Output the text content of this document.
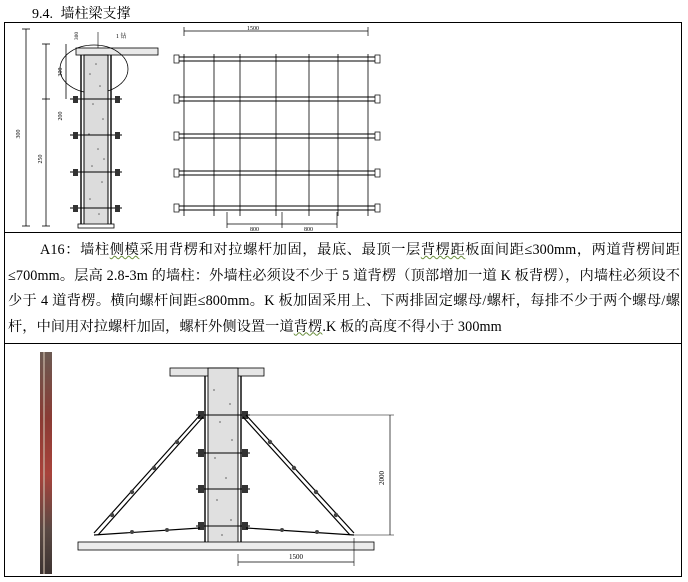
9.4. 墙柱梁支撑
300
250
300
200
300	1 钻
1500
800	800
A16：墙柱侧模采用背楞和对拉螺杆加固，最底、最顶一层背楞距板面间距≤300mm，两道背楞间距≤700mm。层高 2.8-3m 的墙柱：外墙柱必须设不少于 5 道背楞（顶部增加一道 K 板背楞），内墙柱必须设不少于 4 道背楞。横向螺杆间距≤800mm。K 板加固采用上、下两排固定螺母/螺杆，每排不少于两个螺母/螺杆，中间用对拉螺杆加固，螺杆外侧设置一道背楞.K 板的高度不得小于 300mm
2000
1500
